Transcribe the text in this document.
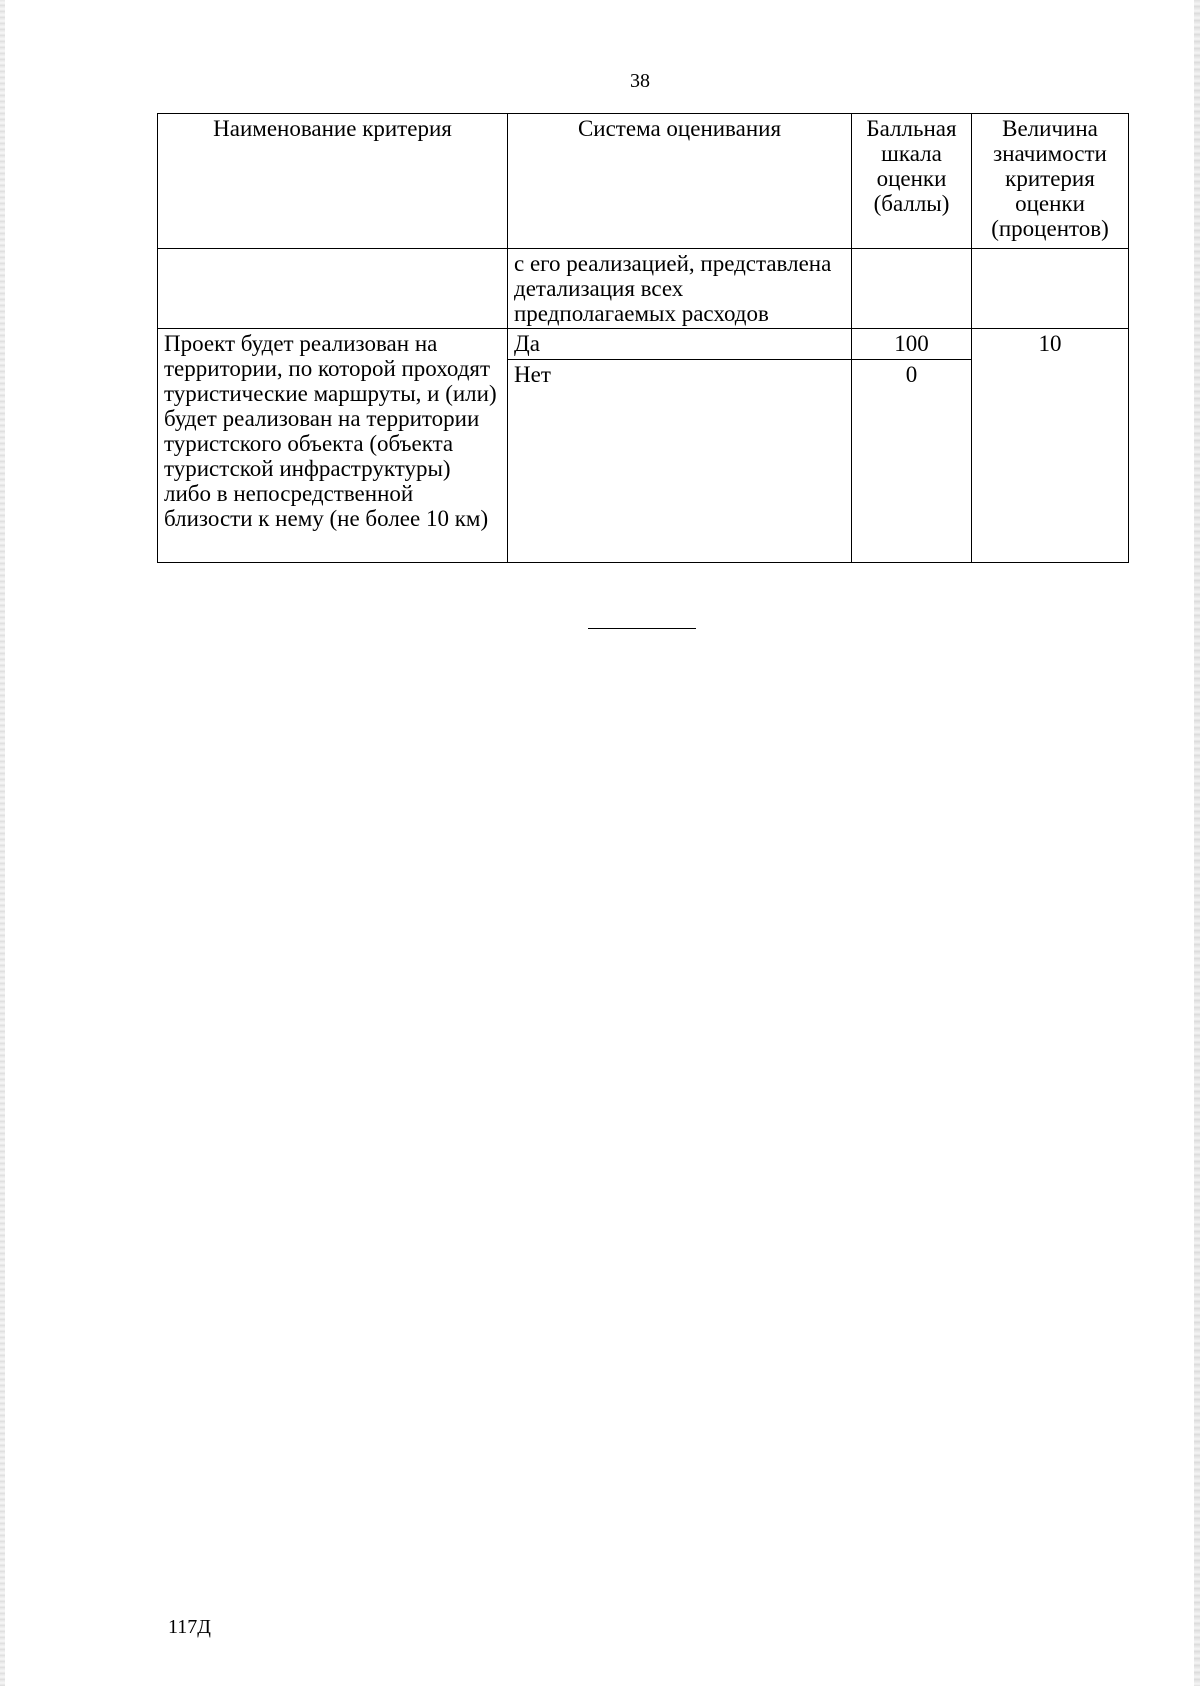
38
Наименование критерия	Система оценивания	Балльная шкала оценки (баллы)	Величина значимости критерия оценки (процентов)
	с его реализацией, представлена детализация всех предполагаемых расходов		
Проект будет реализован на территории, по которой проходят туристические маршруты, и (или) будет реализован на территории туристского объекта (объекта туристской инфраструктуры) либо в непосредственной близости к нему (не более 10 км)	Да	100	10
	Нет	0	
117Д
